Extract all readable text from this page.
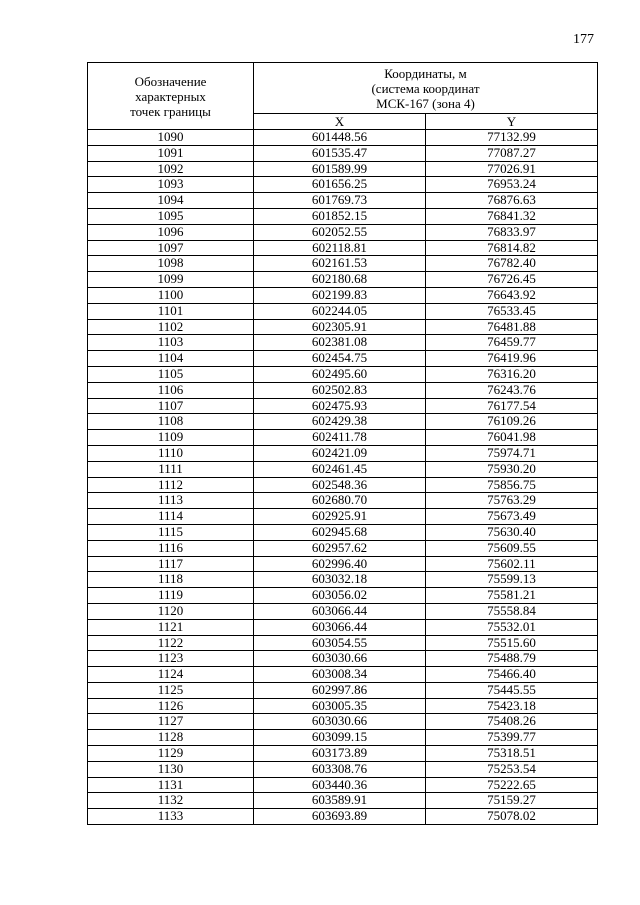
177
Обозначение
характерных
точек границы	Координаты, м
(система координат
МСК-167 (зона 4)	

	X	Y
1090	601448.56	77132.99
1091	601535.47	77087.27
1092	601589.99	77026.91
1093	601656.25	76953.24
1094	601769.73	76876.63
1095	601852.15	76841.32
1096	602052.55	76833.97
1097	602118.81	76814.82
1098	602161.53	76782.40
1099	602180.68	76726.45
1100	602199.83	76643.92
1101	602244.05	76533.45
1102	602305.91	76481.88
1103	602381.08	76459.77
1104	602454.75	76419.96
1105	602495.60	76316.20
1106	602502.83	76243.76
1107	602475.93	76177.54
1108	602429.38	76109.26
1109	602411.78	76041.98
1110	602421.09	75974.71
1111	602461.45	75930.20
1112	602548.36	75856.75
1113	602680.70	75763.29
1114	602925.91	75673.49
1115	602945.68	75630.40
1116	602957.62	75609.55
1117	602996.40	75602.11
1118	603032.18	75599.13
1119	603056.02	75581.21
1120	603066.44	75558.84
1121	603066.44	75532.01
1122	603054.55	75515.60
1123	603030.66	75488.79
1124	603008.34	75466.40
1125	602997.86	75445.55
1126	603005.35	75423.18
1127	603030.66	75408.26
1128	603099.15	75399.77
1129	603173.89	75318.51
1130	603308.76	75253.54
1131	603440.36	75222.65
1132	603589.91	75159.27
1133	603693.89	75078.02
